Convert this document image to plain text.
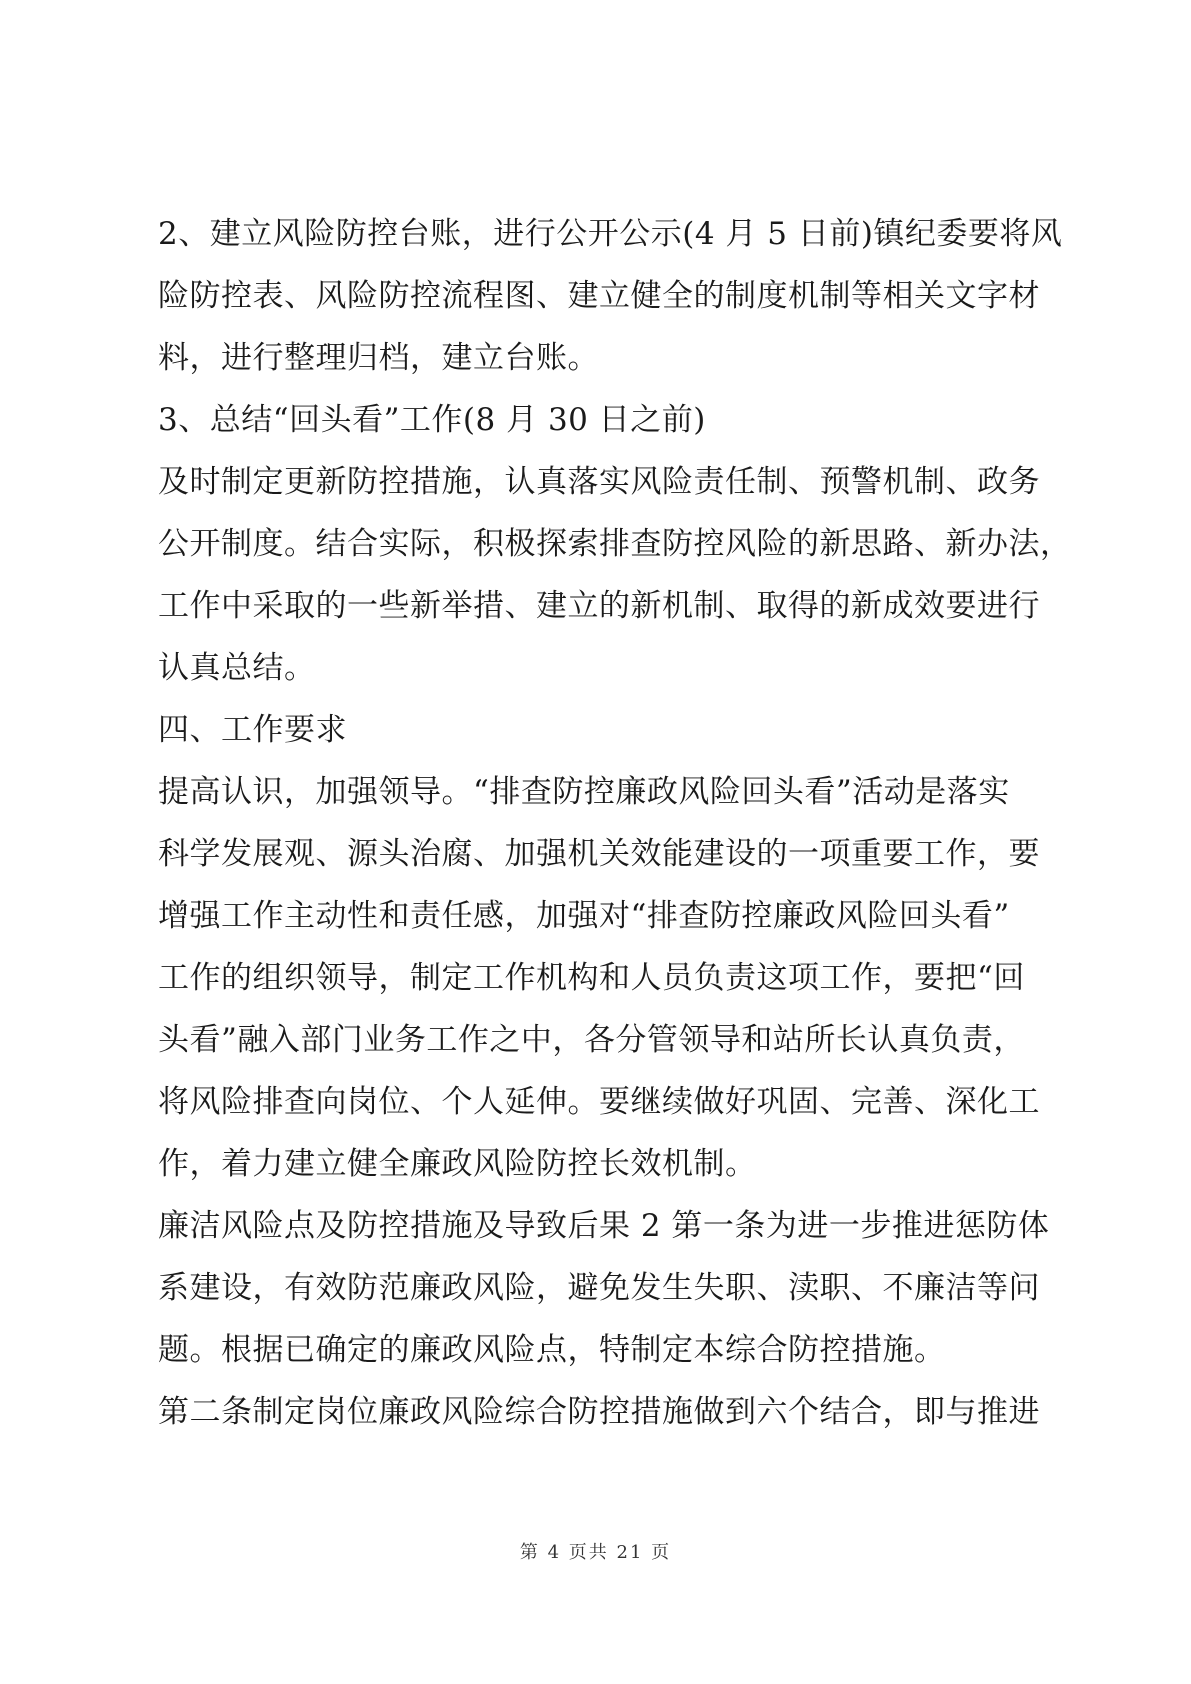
2、建立风险防控台账，进行公开公示(4 月 5 日前)镇纪委要将风
险防控表、风险防控流程图、建立健全的制度机制等相关文字材
料，进行整理归档，建立台账。
3、总结“回头看”工作(8 月 30 日之前)
及时制定更新防控措施，认真落实风险责任制、预警机制、政务
公开制度。结合实际，积极探索排查防控风险的新思路、新办法，
工作中采取的一些新举措、建立的新机制、取得的新成效要进行
认真总结。
四、工作要求
提高认识，加强领导。“排查防控廉政风险回头看”活动是落实
科学发展观、源头治腐、加强机关效能建设的一项重要工作，要
增强工作主动性和责任感，加强对“排查防控廉政风险回头看”
工作的组织领导，制定工作机构和人员负责这项工作，要把“回
头看”融入部门业务工作之中，各分管领导和站所长认真负责，
将风险排查向岗位、个人延伸。要继续做好巩固、完善、深化工
作，着力建立健全廉政风险防控长效机制。
廉洁风险点及防控措施及导致后果 2 第一条为进一步推进惩防体
系建设，有效防范廉政风险，避免发生失职、渎职、不廉洁等问
题。根据已确定的廉政风险点，特制定本综合防控措施。
第二条制定岗位廉政风险综合防控措施做到六个结合，即与推进
第 4 页共 21 页
